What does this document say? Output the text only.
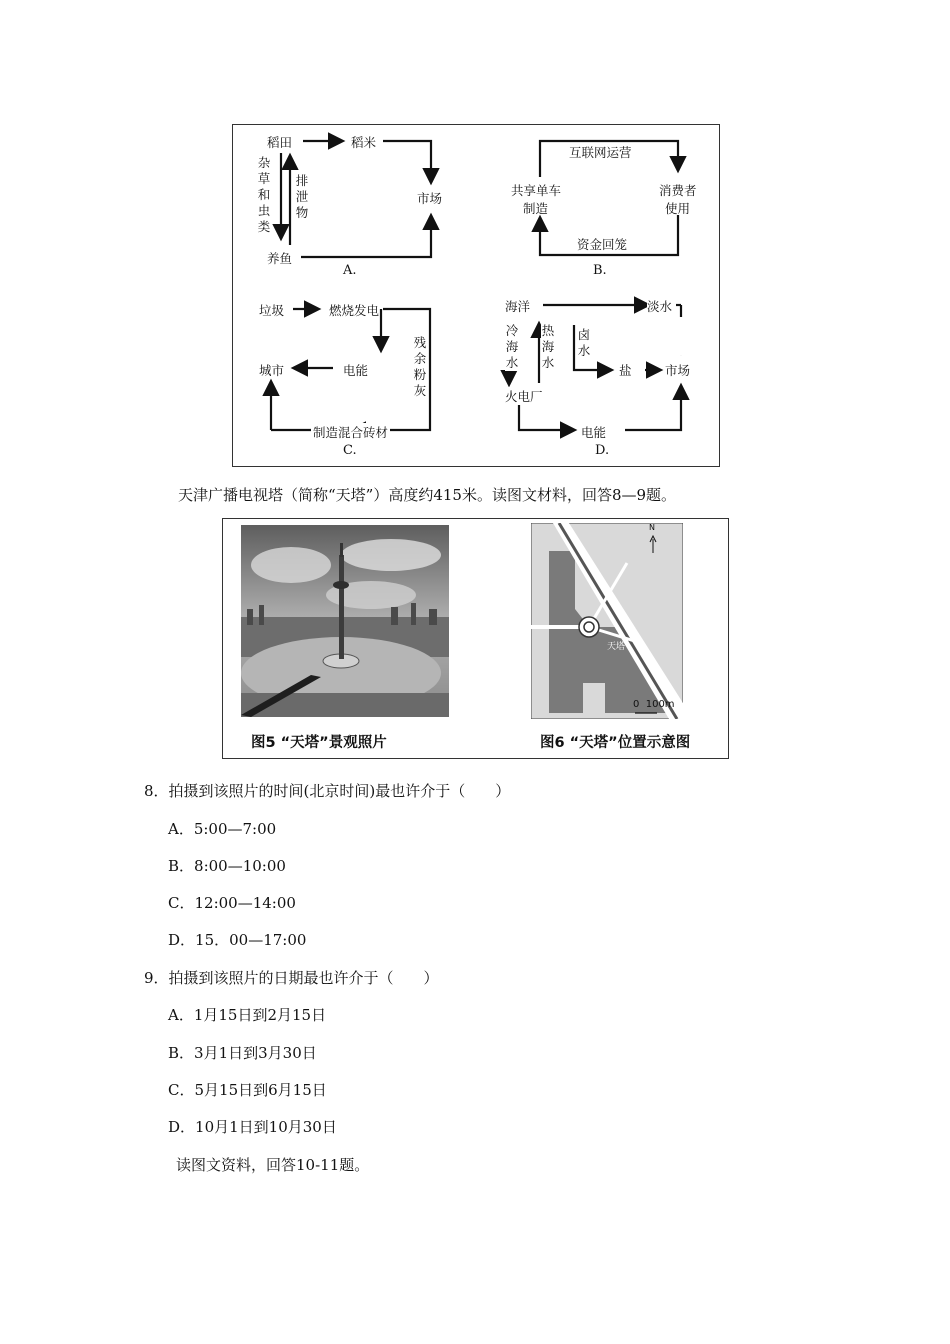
稻田	稻米
市场
养鱼
杂草和虫类
排泄物
A.
互联网运营
共享单车
制造
消费者
使用
资金回笼
B.
垃圾	燃烧发电
城市	电能
残余粉灰
制造混合砖材
C.
海洋	淡水
冷海水
热海水
卤水
盐	市场
火电厂
电能
D.
天津广播电视塔（简称“天塔”）高度约415米。读图文材料，回答8—9题。
N
天塔
0  100m
图5 “天塔”景观照片	图6 “天塔”位置示意图
8．拍摄到该照片的时间(北京时间)最也许介于（　　）
A．5:00—7:00
B．8:00—10:00
C．12:00—14:00
D．15．00—17:00
9．拍摄到该照片的日期最也许介于（　　）
A．1月15日到2月15日
B．3月1日到3月30日
C．5月15日到6月15日
D．10月1日到10月30日
读图文资料，回答10-11题。
